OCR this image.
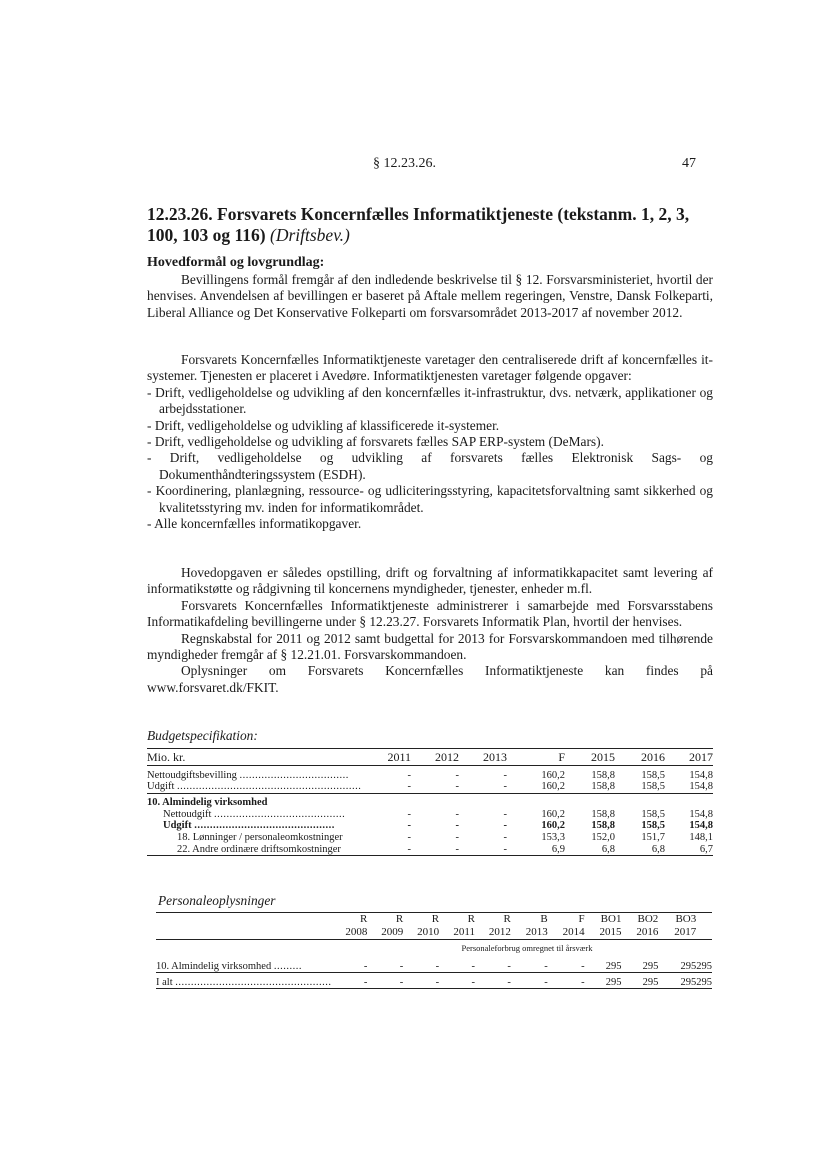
§ 12.23.26.	47
12.23.26. Forsvarets Koncernfælles Informatiktjeneste (tekstanm. 1, 2, 3, 100, 103 og 116) (Driftsbev.)
Hovedformål og lovgrundlag:

Bevillingens formål fremgår af den indledende beskrivelse til § 12. Forsvarsministeriet, hvortil der henvises. Anvendelsen af bevillingen er baseret på Aftale mellem regeringen, Venstre, Dansk Folkeparti, Liberal Alliance og Det Konservative Folkeparti om forsvarsområdet 2013-2017 af november 2012.

Forsvarets Koncernfælles Informatiktjeneste varetager den centraliserede drift af koncernfælles it-systemer. Tjenesten er placeret i Avedøre. Informatiktjenesten varetager følgende opgaver:

- Drift, vedligeholdelse og udvikling af den koncernfælles it-infrastruktur, dvs. netværk, applikationer og arbejdsstationer.
- Drift, vedligeholdelse og udvikling af klassificerede it-systemer.
- Drift, vedligeholdelse og udvikling af forsvarets fælles SAP ERP-system (DeMars).
- Drift, vedligeholdelse og udvikling af forsvarets fælles Elektronisk Sags- og Dokumenthåndteringssystem (ESDH).
- Koordinering, planlægning, ressource- og udliciteringsstyring, kapacitetsforvaltning samt sikkerhed og kvalitetsstyring mv. inden for informatikområdet.
- Alle koncernfælles informatikopgaver.

Hovedopgaven er således opstilling, drift og forvaltning af informatikkapacitet samt levering af informatikstøtte og rådgivning til koncernens myndigheder, tjenester, enheder m.fl.

Forsvarets Koncernfælles Informatiktjeneste administrerer i samarbejde med Forsvarsstabens Informatikafdeling bevillingerne under § 12.23.27. Forsvarets Informatik Plan, hvortil der henvises.

Regnskabstal for 2011 og 2012 samt budgettal for 2013 for Forsvarskommandoen med tilhørende myndigheder fremgår af § 12.21.01. Forsvarskommandoen.

Oplysninger om Forsvarets Koncernfælles Informatiktjeneste kan findes på www.forsvaret.dk/FKIT.

Budgetspecifikation:
Mio. kr.	2011	2012	2013	F	2015	2016	2017

Nettoudgiftsbevilling ...................................	-	-	-	160,2	158,8	158,5	154,8
Udgift ...........................................................	-	-	-	160,2	158,8	158,5	154,8

10. Almindelig virksomhed							
Nettoudgift ..........................................	-	-	-	160,2	158,8	158,5	154,8
Udgift .............................................	-	-	-	160,2	158,8	158,5	154,8
18. Lønninger / personaleomkostninger	-	-	-	153,3	152,0	151,7	148,1
22. Andre ordinære driftsomkostninger	-	-	-	6,9	6,8	6,8	6,7
Personaleoplysninger
	R	R	R	R	R	B	F	BO1	BO2	BO3	
	2008	2009	2010	2011	2012	2013	2014	2015	2016	2017	
	Personaleforbrug omregnet til årsværk										
10. Almindelig virksomhed .........	-	-	-	-	-	-	-	295	295	295	295

I alt ..................................................	-	-	-	-	-	-	-	295	295	295	295
